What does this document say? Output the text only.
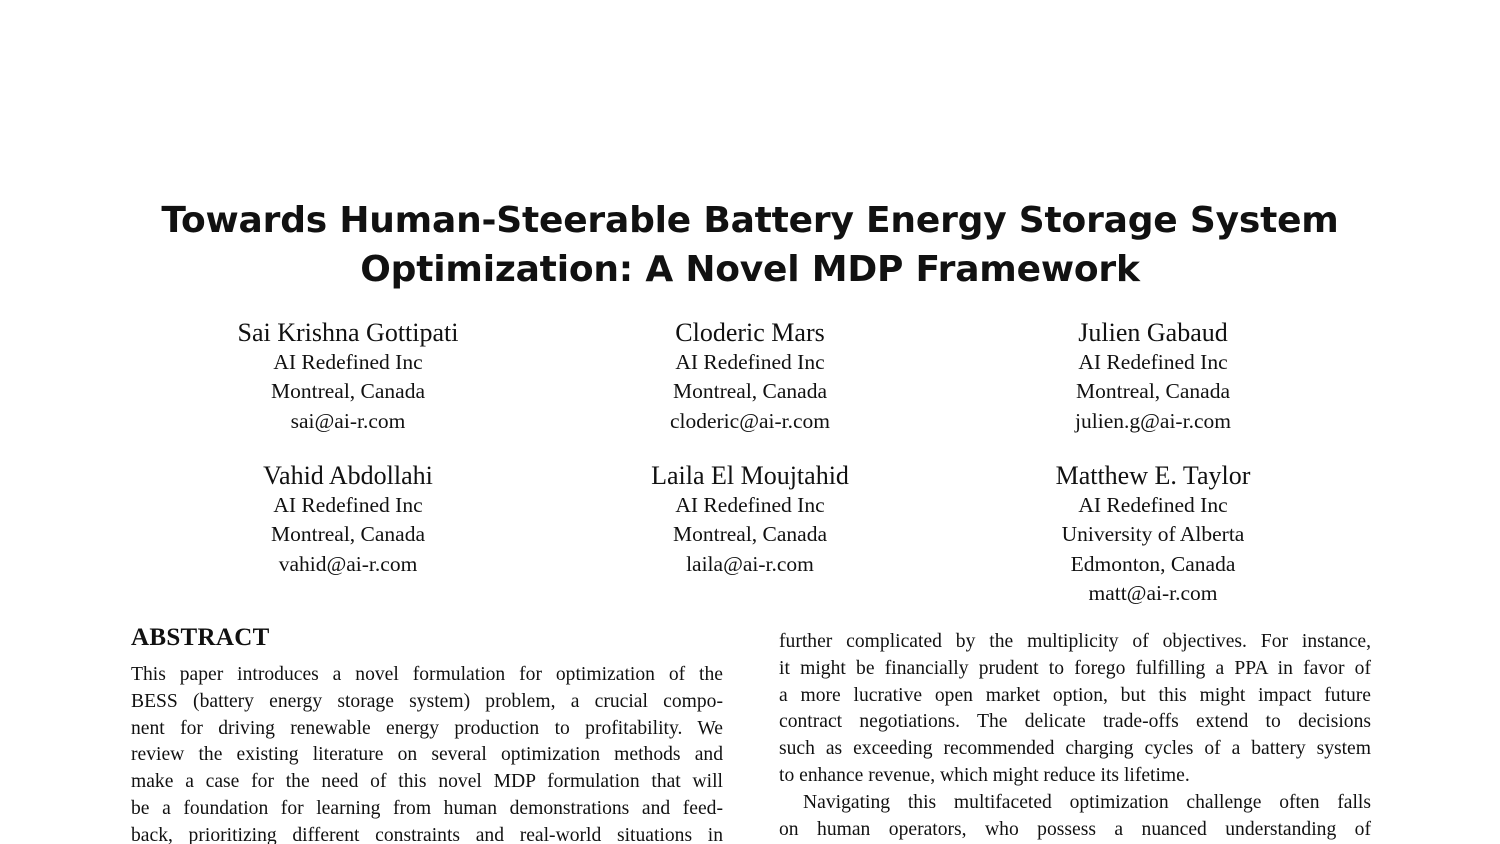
Towards Human-Steerable Battery Energy Storage System
Optimization: A Novel MDP Framework
Sai Krishna Gottipati
AI Redefined Inc
Montreal, Canada
sai@ai-r.com
Cloderic Mars
AI Redefined Inc
Montreal, Canada
cloderic@ai-r.com
Julien Gabaud
AI Redefined Inc
Montreal, Canada
julien.g@ai-r.com
Vahid Abdollahi
AI Redefined Inc
Montreal, Canada
vahid@ai-r.com
Laila El Moujtahid
AI Redefined Inc
Montreal, Canada
laila@ai-r.com
Matthew E. Taylor
AI Redefined Inc
University of Alberta
Edmonton, Canada
matt@ai-r.com
ABSTRACT

This paper introduces a novel formulation for optimization of the
BESS (battery energy storage system) problem, a crucial compo-
nent for driving renewable energy production to profitability. We
review the existing literature on several optimization methods and
make a case for the need of this novel MDP formulation that will
be a foundation for learning from human demonstrations and feed-
back, prioritizing different constraints and real-world situations in

further complicated by the multiplicity of objectives. For instance,
it might be financially prudent to forego fulfilling a PPA in favor of
a more lucrative open market option, but this might impact future
contract negotiations. The delicate trade-offs extend to decisions
such as exceeding recommended charging cycles of a battery system
to enhance revenue, which might reduce its lifetime.

Navigating this multifaceted optimization challenge often falls
on human operators, who possess a nuanced understanding of
